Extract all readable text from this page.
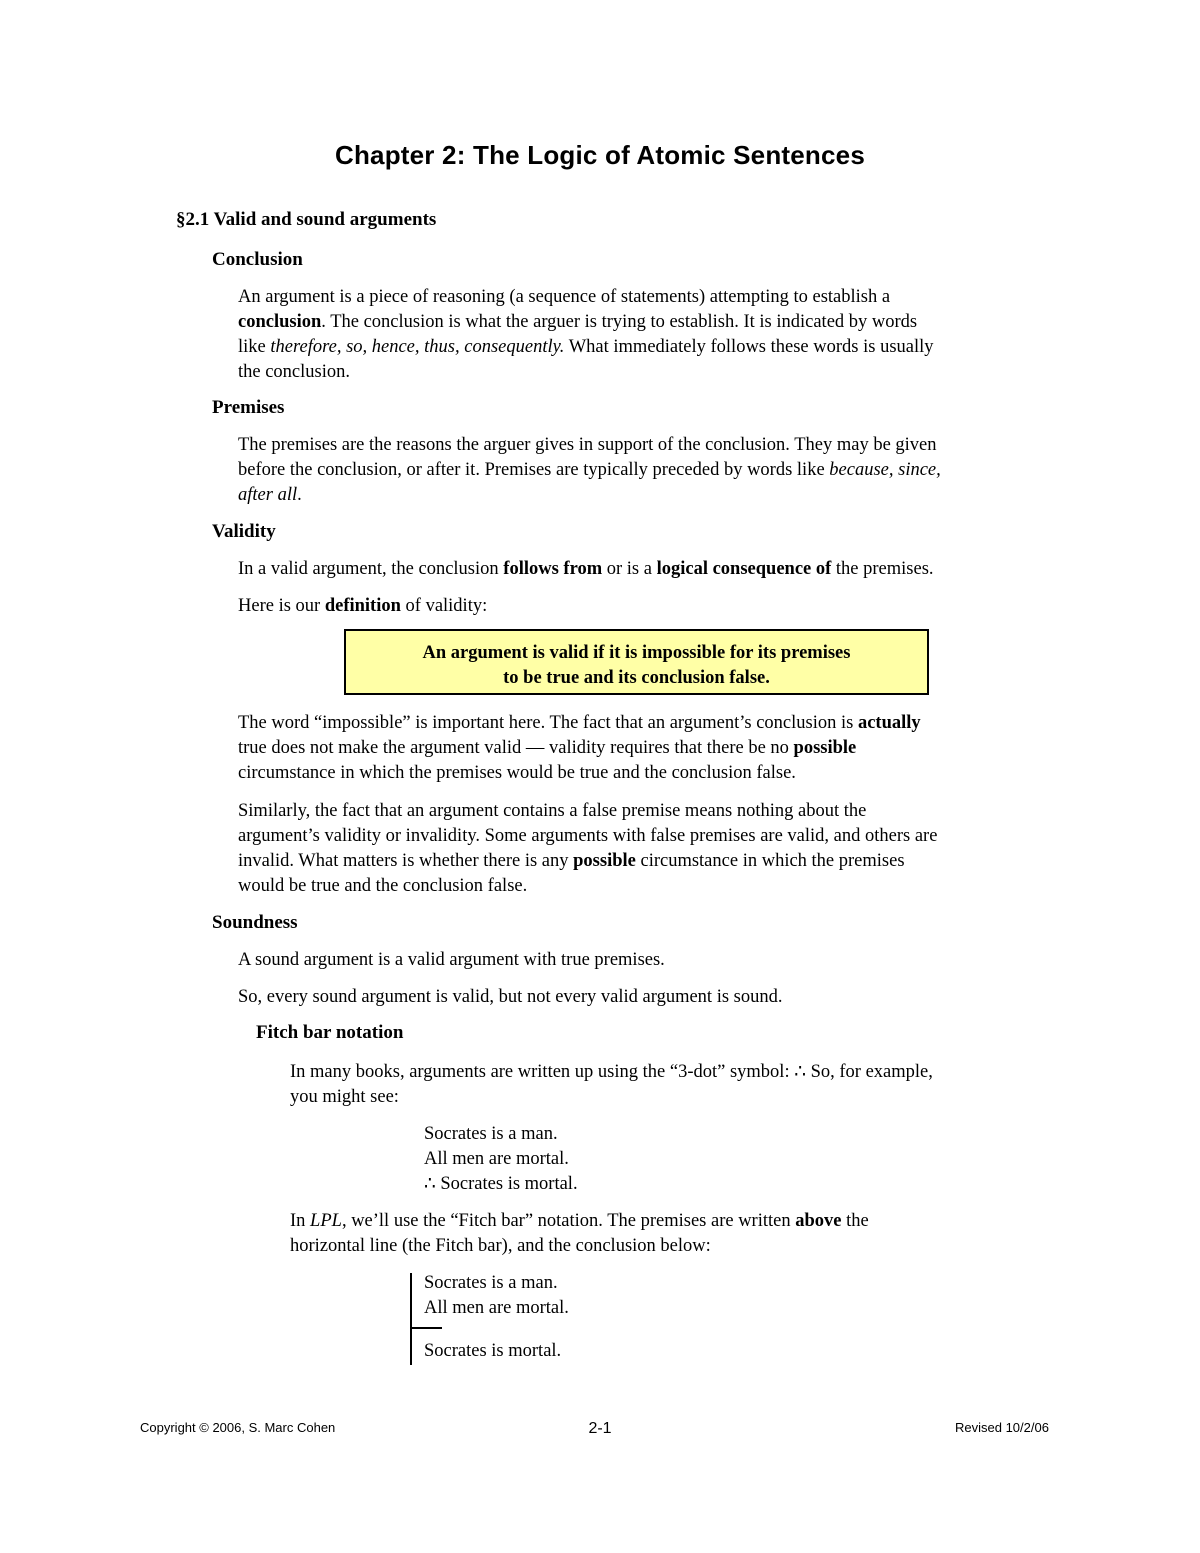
Chapter 2: The Logic of Atomic Sentences
§2.1 Valid and sound arguments
Conclusion
An argument is a piece of reasoning (a sequence of statements) attempting to establish a
conclusion. The conclusion is what the arguer is trying to establish. It is indicated by words
like therefore, so, hence, thus, consequently. What immediately follows these words is usually
the conclusion.
Premises
The premises are the reasons the arguer gives in support of the conclusion. They may be given
before the conclusion, or after it. Premises are typically preceded by words like because, since,
after all.
Validity
In a valid argument, the conclusion follows from or is a logical consequence of the premises.
Here is our definition of validity:
An argument is valid if it is impossible for its premises
to be true and its conclusion false.
The word “impossible” is important here. The fact that an argument’s conclusion is actually
true does not make the argument valid — validity requires that there be no possible
circumstance in which the premises would be true and the conclusion false.
Similarly, the fact that an argument contains a false premise means nothing about the
argument’s validity or invalidity. Some arguments with false premises are valid, and others are
invalid. What matters is whether there is any possible circumstance in which the premises
would be true and the conclusion false.
Soundness
A sound argument is a valid argument with true premises.
So, every sound argument is valid, but not every valid argument is sound.
Fitch bar notation
In many books, arguments are written up using the “3-dot” symbol: ∴ So, for example,
you might see:
Socrates is a man.
All men are mortal.
∴ Socrates is mortal.
In LPL, we’ll use the “Fitch bar” notation. The premises are written above the
horizontal line (the Fitch bar), and the conclusion below:
Socrates is a man.
All men are mortal.
Socrates is mortal.
Copyright © 2006, S. Marc Cohen	2-1	Revised 10/2/06
